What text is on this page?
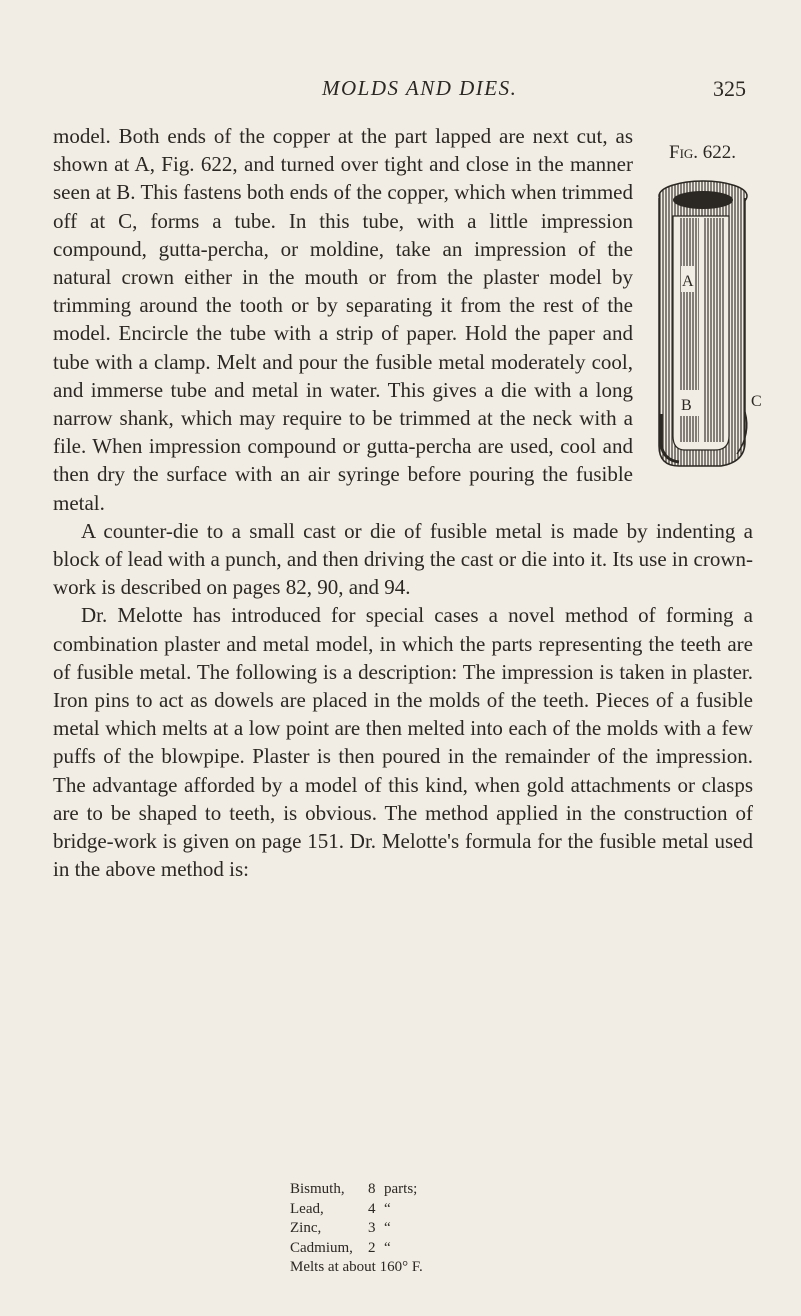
MOLDS AND DIES.	325
Fig. 622.
A
B	C

model. Both ends of the copper at the part lapped are next cut, as shown at A, Fig. 622, and turned over tight and close in the manner seen at B. This fastens both ends of the copper, which when trimmed off at C, forms a tube. In this tube, with a little impression compound, gutta-percha, or moldine, take an impression of the natural crown either in the mouth or from the plaster model by trimming around the tooth or by separating it from the rest of the model. Encircle the tube with a strip of paper. Hold the paper and tube with a clamp. Melt and pour the fusible metal moderately cool, and immerse tube and metal in water. This gives a die with a long narrow shank, which may require to be trimmed at the neck with a file. When impression compound or gutta-percha are used, cool and then dry the surface with an air syringe before pouring the fusible metal.

A counter-die to a small cast or die of fusible metal is made by indenting a block of lead with a punch, and then driving the cast or die into it. Its use in crown-work is described on pages 82, 90, and 94.

Dr. Melotte has introduced for special cases a novel method of forming a combination plaster and metal model, in which the parts representing the teeth are of fusible metal. The following is a description: The impression is taken in plaster. Iron pins to act as dowels are placed in the molds of the teeth. Pieces of a fusible metal which melts at a low point are then melted into each of the molds with a few puffs of the blowpipe. Plaster is then poured in the remainder of the impression. The advantage afforded by a model of this kind, when gold attachments or clasps are to be shaped to teeth, is obvious. The method applied in the construction of bridge-work is given on page 151. Dr. Melotte's formula for the fusible metal used in the above method is:

Bismuth, 8 parts;
Lead,	4 “
Zinc,	3 “
Cadmium, 2 “
Melts at about 160° F.
